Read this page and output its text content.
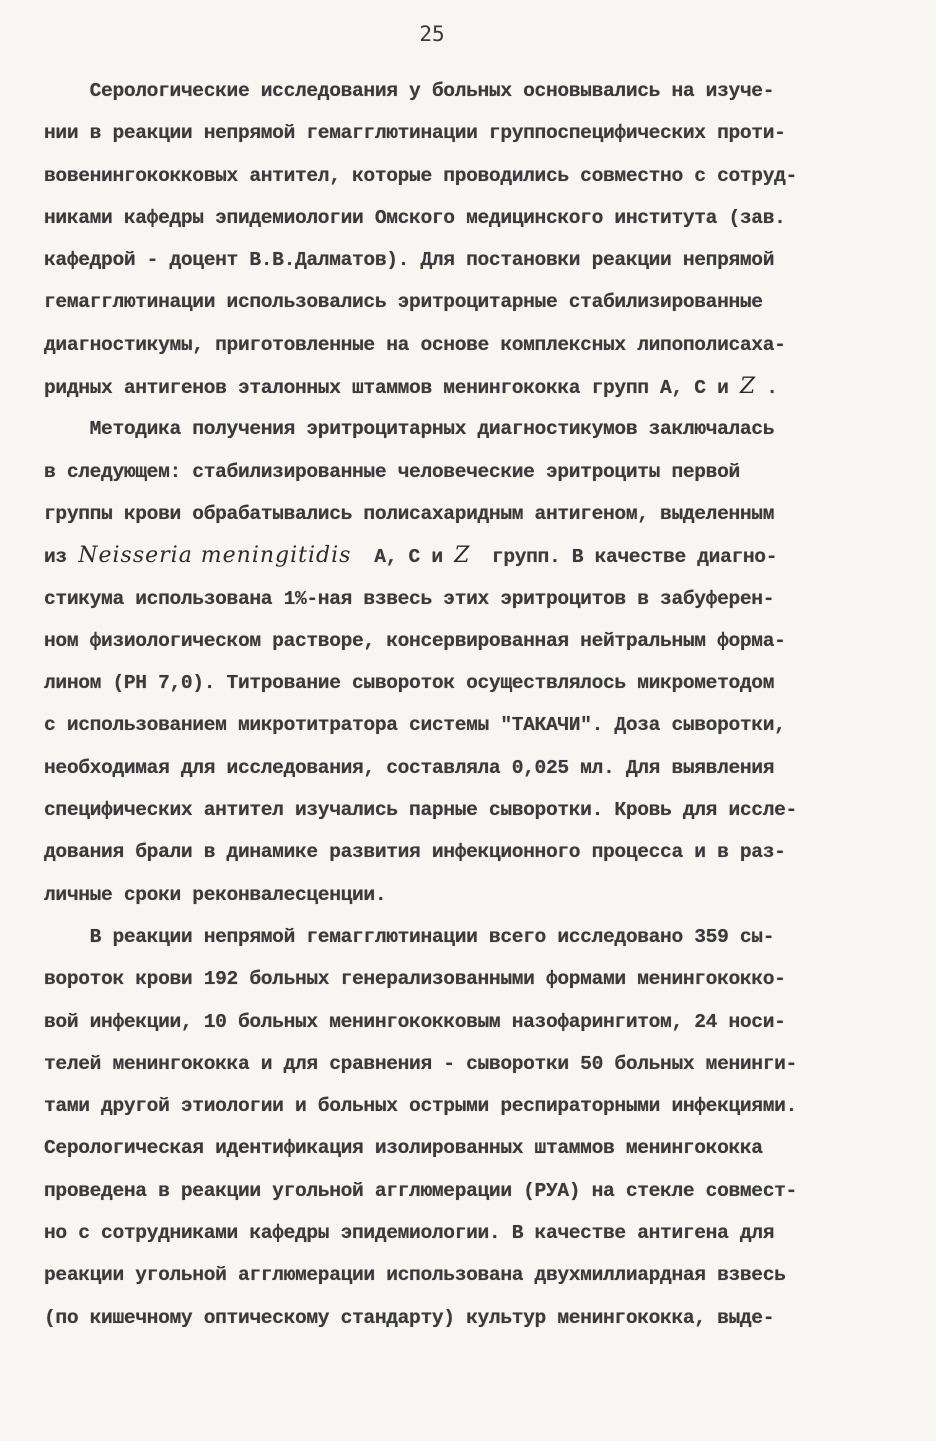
25
Серологические исследования у больных основывались на изуче-
нии в реакции непрямой гемагглютинации группоспецифических проти-
вовенингококковых антител, которые проводились совместно с сотруд-
никами кафедры эпидемиологии Омского медицинского института (зав.
кафедрой - доцент В.В.Далматов). Для постановки реакции непрямой
гемагглютинации использовались эритроцитарные стабилизированные
диагностикумы, приготовленные на основе комплексных липополисаха-
ридных антигенов эталонных штаммов менингококка групп А, С и Z .
Методика получения эритроцитарных диагностикумов заключалась
в следующем: стабилизированные человеческие эритроциты первой
группы крови обрабатывались полисахаридным антигеном, выделенным
из Neisseria meningitidis  А, С и Z  групп. В качестве диагно-
стикума использована 1%-ная взвесь этих эритроцитов в забуферен-
ном физиологическом растворе, консервированная нейтральным форма-
лином (PH 7,0). Титрование сывороток осуществлялось микрометодом
с использованием микротитратора системы "ТАКАЧИ". Доза сыворотки,
необходимая для исследования, составляла 0,025 мл. Для выявления
специфических антител изучались парные сыворотки. Кровь для иссле-
дования брали в динамике развития инфекционного процесса и в раз-
личные сроки реконвалесценции.
В реакции непрямой гемагглютинации всего исследовано 359 сы-
вороток крови 192 больных генерализованными формами менингококко-
вой инфекции, 10 больных менингококковым назофарингитом, 24 носи-
телей менингококка и для сравнения - сыворотки 50 больных менинги-
тами другой этиологии и больных острыми респираторными инфекциями.
Серологическая идентификация изолированных штаммов менингококка
проведена в реакции угольной агглюмерации (РУА) на стекле совмест-
но с сотрудниками кафедры эпидемиологии. В качестве антигена для
реакции угольной агглюмерации использована двухмиллиардная взвесь
(по кишечному оптическому стандарту) культур менингококка, выде-
